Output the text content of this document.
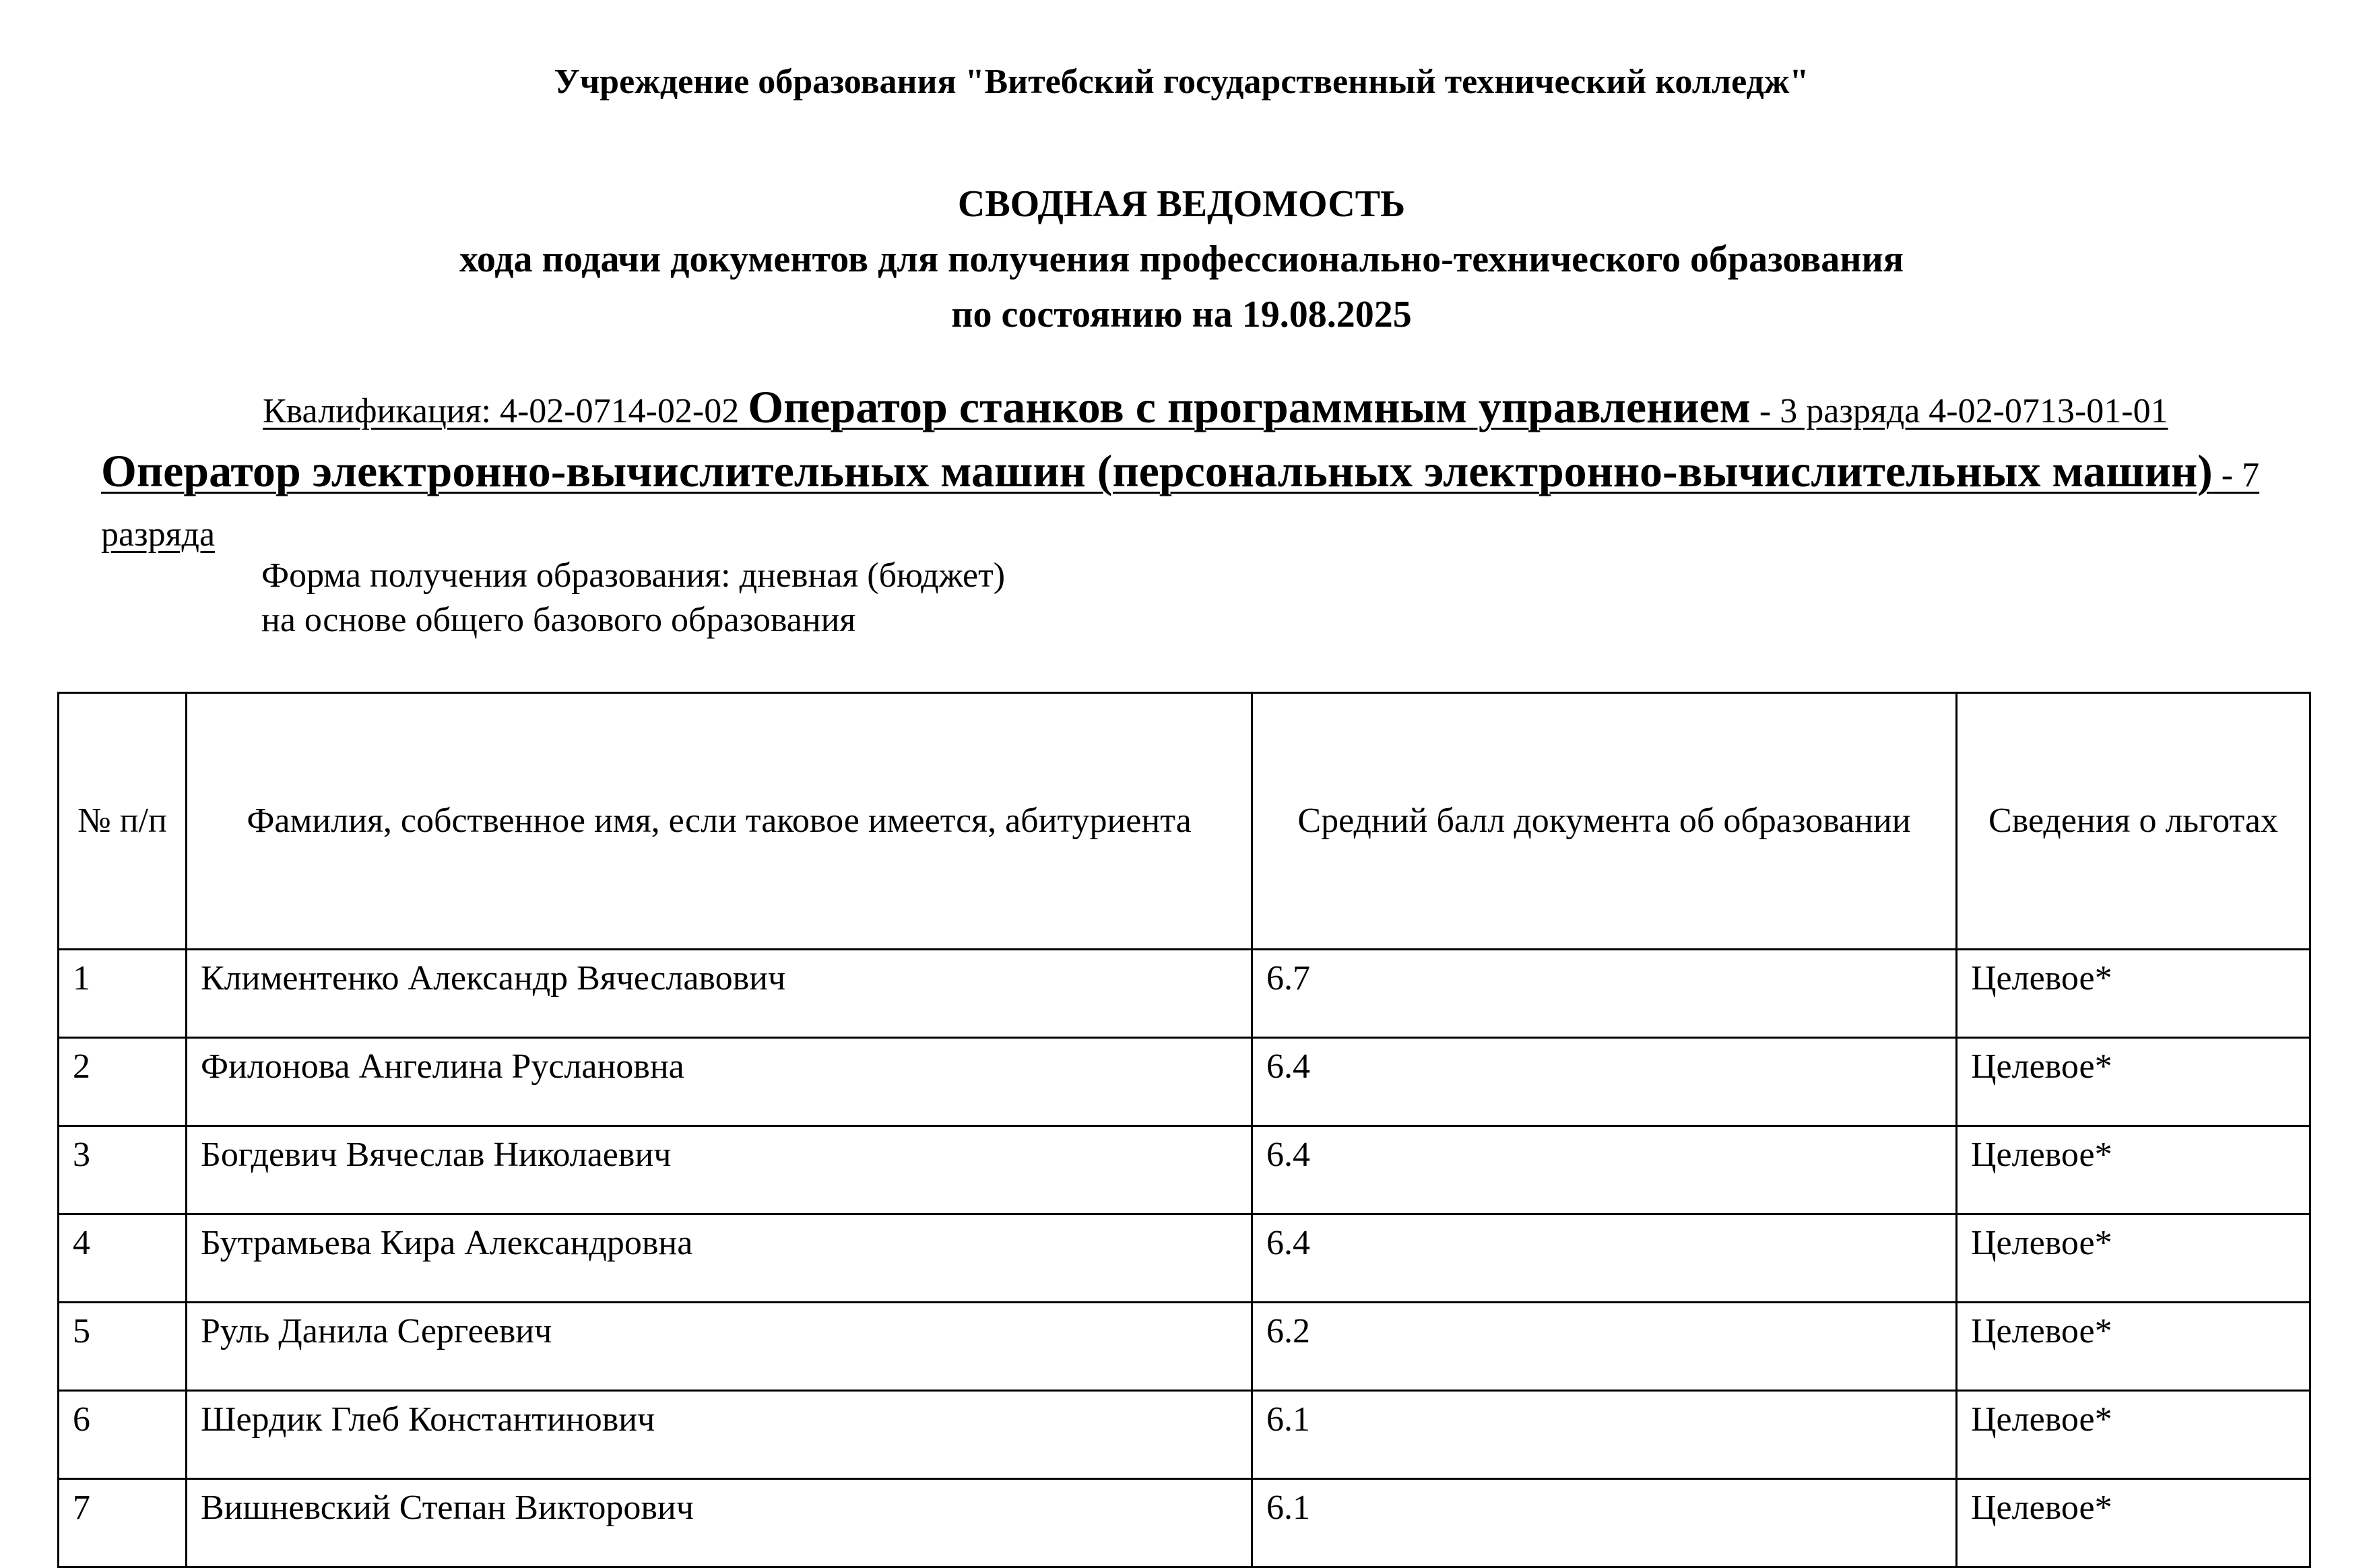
Учреждение образования "Витебский государственный технический колледж"
СВОДНАЯ ВЕДОМОСТЬ
хода подачи документов для получения профессионально-технического образования
по состоянию на 19.08.2025
Квалификация: 4-02-0714-02-02 Оператор станков с программным управлением - 3 разряда 4-02-0713-01-01 Оператор электронно-вычислительных машин (персональных электронно-вычислительных машин) - 7 разряда
Форма получения образования: дневная (бюджет)
на основе общего базового образования
№ п/п	Фамилия, собственное имя, если таковое имеется, абитуриента	Средний балл документа об образовании	Сведения о льготах
1	Климентенко Александр Вячеславович	6.7	Целевое*
2	Филонова Ангелина Руслановна	6.4	Целевое*
3	Богдевич Вячеслав Николаевич	6.4	Целевое*
4	Бутрамьева Кира Александровна	6.4	Целевое*
5	Руль Данила Сергеевич	6.2	Целевое*
6	Шердик Глеб Константинович	6.1	Целевое*
7	Вишневский Степан Викторович	6.1	Целевое*
